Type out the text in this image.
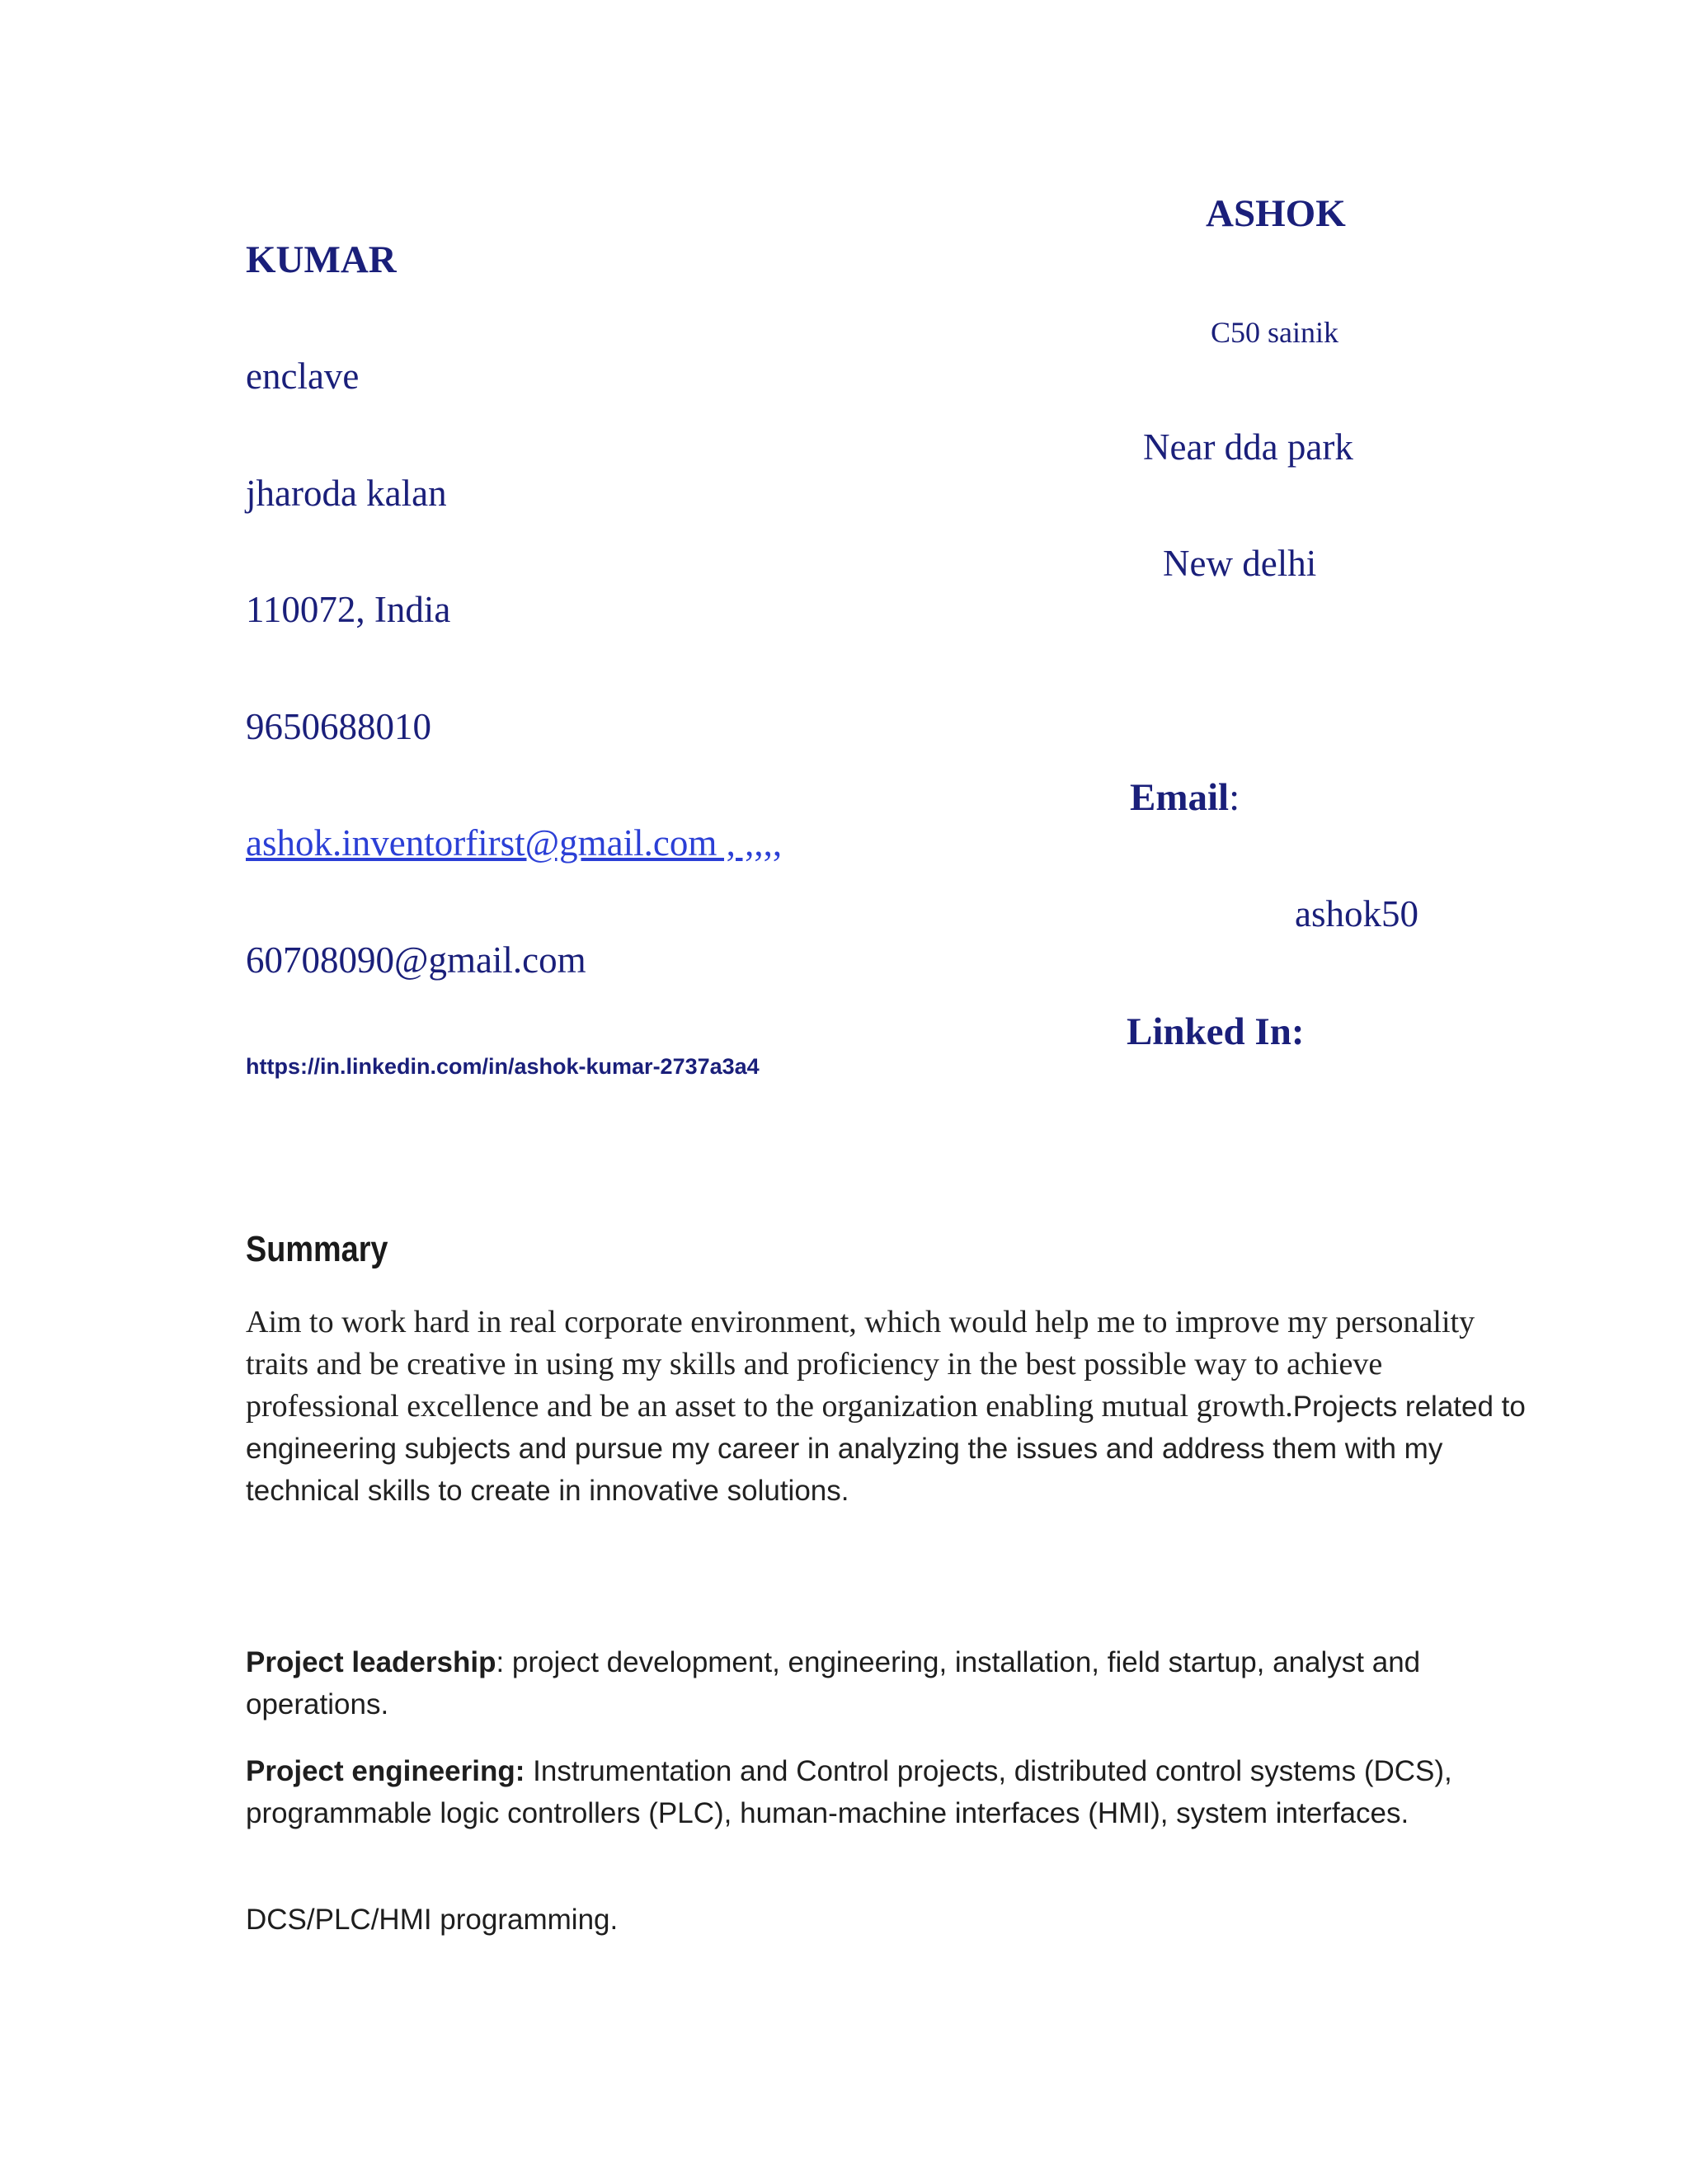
ASHOK
KUMAR
C50 sainik
enclave
Near dda park
jharoda kalan
New delhi
110072, India
9650688010
Email:
ashok.inventorfirst@gmail.com , ,,,,
ashok50
60708090@gmail.com
Linked In:
https://in.linkedin.com/in/ashok-kumar-2737a3a4
Summary
Aim to work hard in real corporate environment, which would help me to improve my personality traits and be creative in using my skills and proficiency in the best possible way to achieve professional excellence and be an asset to the organization enabling mutual growth.Projects related to engineering subjects and pursue my career in analyzing the issues and address them with my technical skills to create in innovative solutions.
Project leadership: project development, engineering, installation, field startup, analyst and operations.
Project engineering: Instrumentation and Control projects, distributed control systems (DCS), programmable logic controllers (PLC), human-machine interfaces (HMI), system interfaces.
DCS/PLC/HMI programming.
